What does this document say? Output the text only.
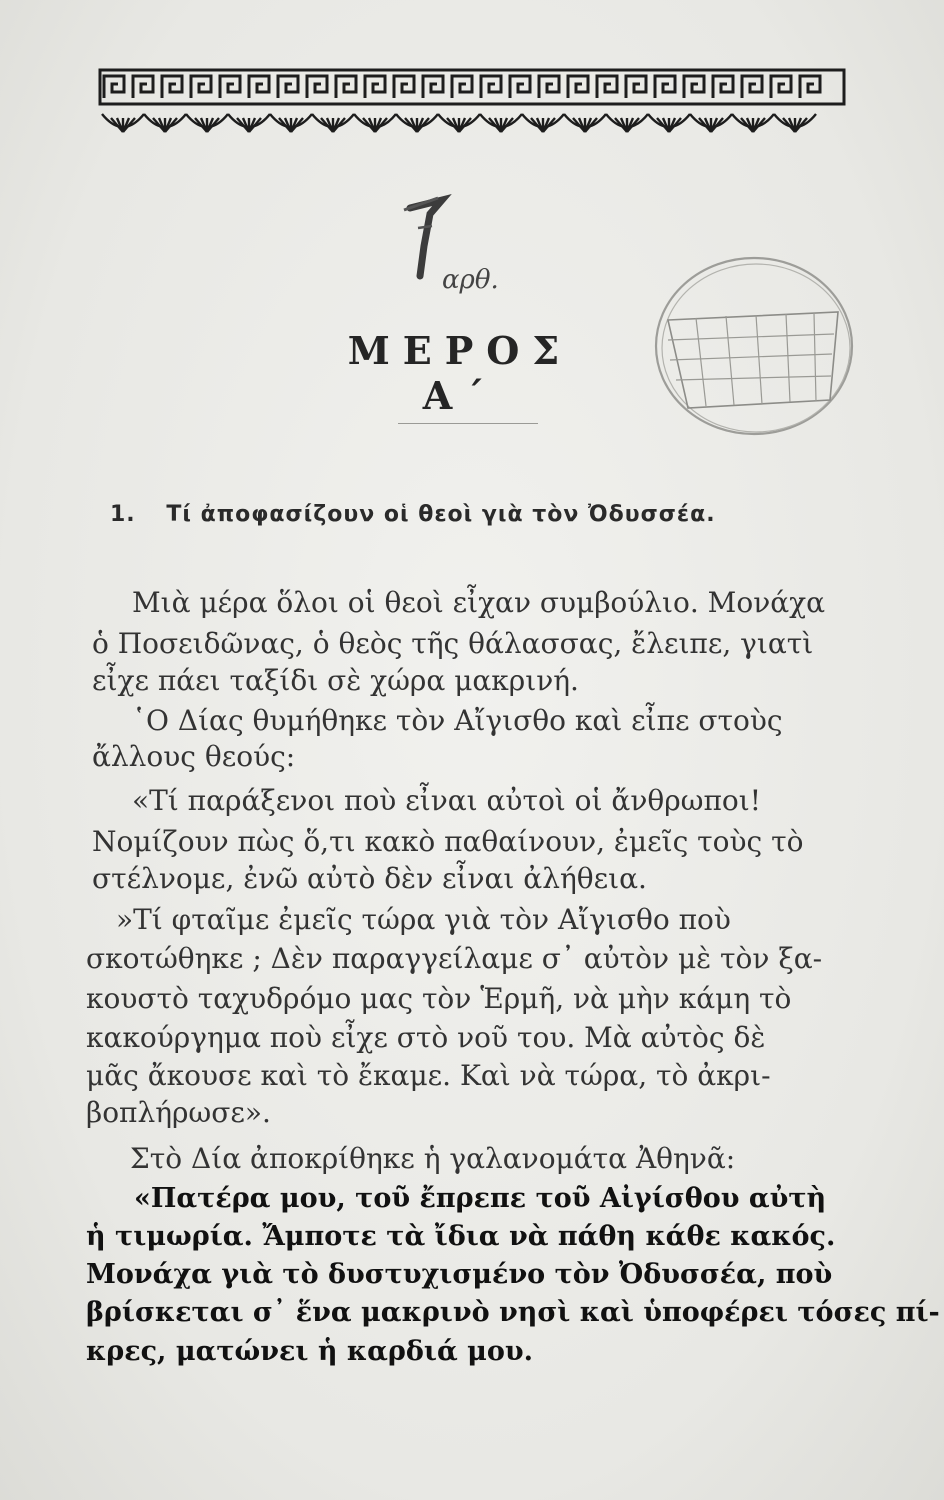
αρθ.
ΜΕΡΟΣ Α΄
1. Τί ἀποφασίζουν οἱ θεοὶ γιὰ τὸν Ὀδυσσέα.
Μιὰ μέρα ὅλοι οἱ θεοὶ εἶχαν συμβούλιο. Μονάχα
ὁ Ποσειδῶνας, ὁ θεὸς τῆς θάλασσας, ἔλειπε, γιατὶ
εἶχε πάει ταξίδι σὲ χώρα μακρινή.
῾Ο Δίας θυμήθηκε τὸν Αἴγισθο καὶ εἶπε στοὺς
ἄλλους θεούς:
«Τί παράξενοι ποὺ εἶναι αὐτοὶ οἱ ἄνθρωποι!
Νομίζουν πὼς ὅ,τι κακὸ παθαίνουν, ἐμεῖς τοὺς τὸ
στέλνομε, ἐνῶ αὐτὸ δὲν εἶναι ἀλήθεια.
»Τί φταῖμε ἐμεῖς τώρα γιὰ τὸν Αἴγισθο ποὺ
σκοτώθηκε ; Δὲν παραγγείλαμε σ᾿ αὐτὸν μὲ τὸν ξα-
κουστὸ ταχυδρόμο μας τὸν Ἑρμῆ, νὰ μὴν κάμη τὸ
κακούργημα ποὺ εἶχε στὸ νοῦ του. Μὰ αὐτὸς δὲ
μᾶς ἄκουσε καὶ τὸ ἔκαμε. Καὶ νὰ τώρα, τὸ ἀκρι-
βοπλήρωσε».
Στὸ Δία ἀποκρίθηκε ἡ γαλανομάτα Ἀθηνᾶ:
«Πατέρα μου, τοῦ ἔπρεπε τοῦ Αἰγίσθου αὐτὴ
ἡ τιμωρία. Ἄμποτε τὰ ἴδια νὰ πάθη κάθε κακός.
Μονάχα γιὰ τὸ δυστυχισμένο τὸν Ὀδυσσέα, ποὺ
βρίσκεται σ᾿ ἕνα μακρινὸ νησὶ καὶ ὑποφέρει τόσες πί-
κρες, ματώνει ἡ καρδιά μου.
